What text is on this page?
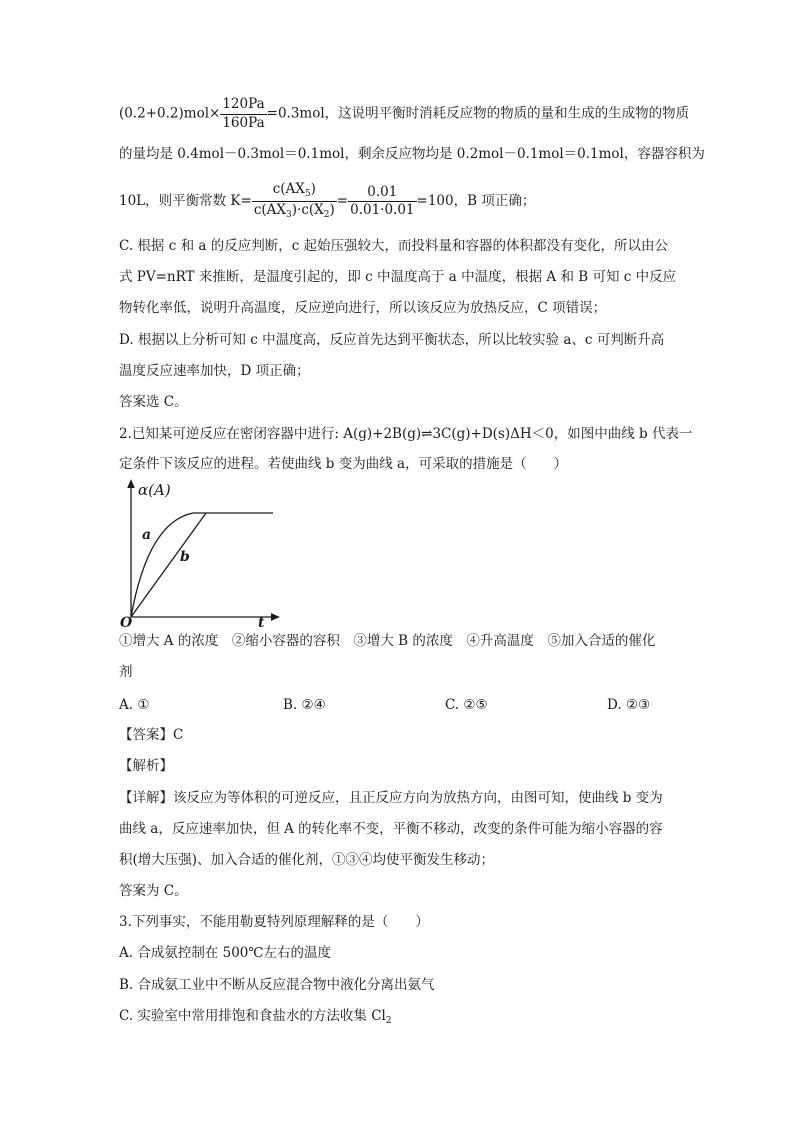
$(0.2+0.2)mol\times \frac{120Pa}{160Pa} =0.3mol$，这说明平衡时消耗反应物的物质的量和生成的生成物的物质
的量均是 0.4mol－0.3mol＝0.1mol，剩余反应物均是 0.2mol－0.1mol＝0.1mol，容器容积为
10L，则平衡常数 $K= \frac{c(AX_5)}{c(AX_3)\cdot c(X_2)} = \frac{0.01}{0.01\cdot 0.01} =100$，B 项正确；
C. 根据 c 和 a 的反应判断，c 起始压强较大，而投料量和容器的体积都没有变化，所以由公
式 PV=nRT 来推断，是温度引起的，即 c 中温度高于 a 中温度，根据 A 和 B 可知 c 中反应
物转化率低，说明升高温度，反应逆向进行，所以该反应为放热反应，C 项错误；
D. 根据以上分析可知 c 中温度高，反应首先达到平衡状态，所以比较实验 a、c 可判断升高
温度反应速率加快，D 项正确；
答案选 C。
2.已知某可逆反应在密闭容器中进行: A(g)+2B(g)⇌3C(g)+D(s)ΔH＜0，如图中曲线 b 代表一
定条件下该反应的进程。若使曲线 b 变为曲线 a，可采取的措施是（　　）
α(A)
a
b
O	t
①增大 A 的浓度　②缩小容器的容积　③增大 B 的浓度　④升高温度　⑤加入合适的催化
剂
A. ①	B. ②④	C. ②⑤	D. ②③
【答案】C
【解析】
【详解】该反应为等体积的可逆反应，且正反应方向为放热方向，由图可知，使曲线 b 变为
曲线 a，反应速率加快，但 A 的转化率不变，平衡不移动，改变的条件可能为缩小容器的容
积(增大压强)、加入合适的催化剂，①③④均使平衡发生移动；
答案为 C。
3.下列事实，不能用勒夏特列原理解释的是（　　）
A. 合成氨控制在 500℃左右的温度
B. 合成氨工业中不断从反应混合物中液化分离出氨气
C. 实验室中常用排饱和食盐水的方法收集 $Cl_2$
